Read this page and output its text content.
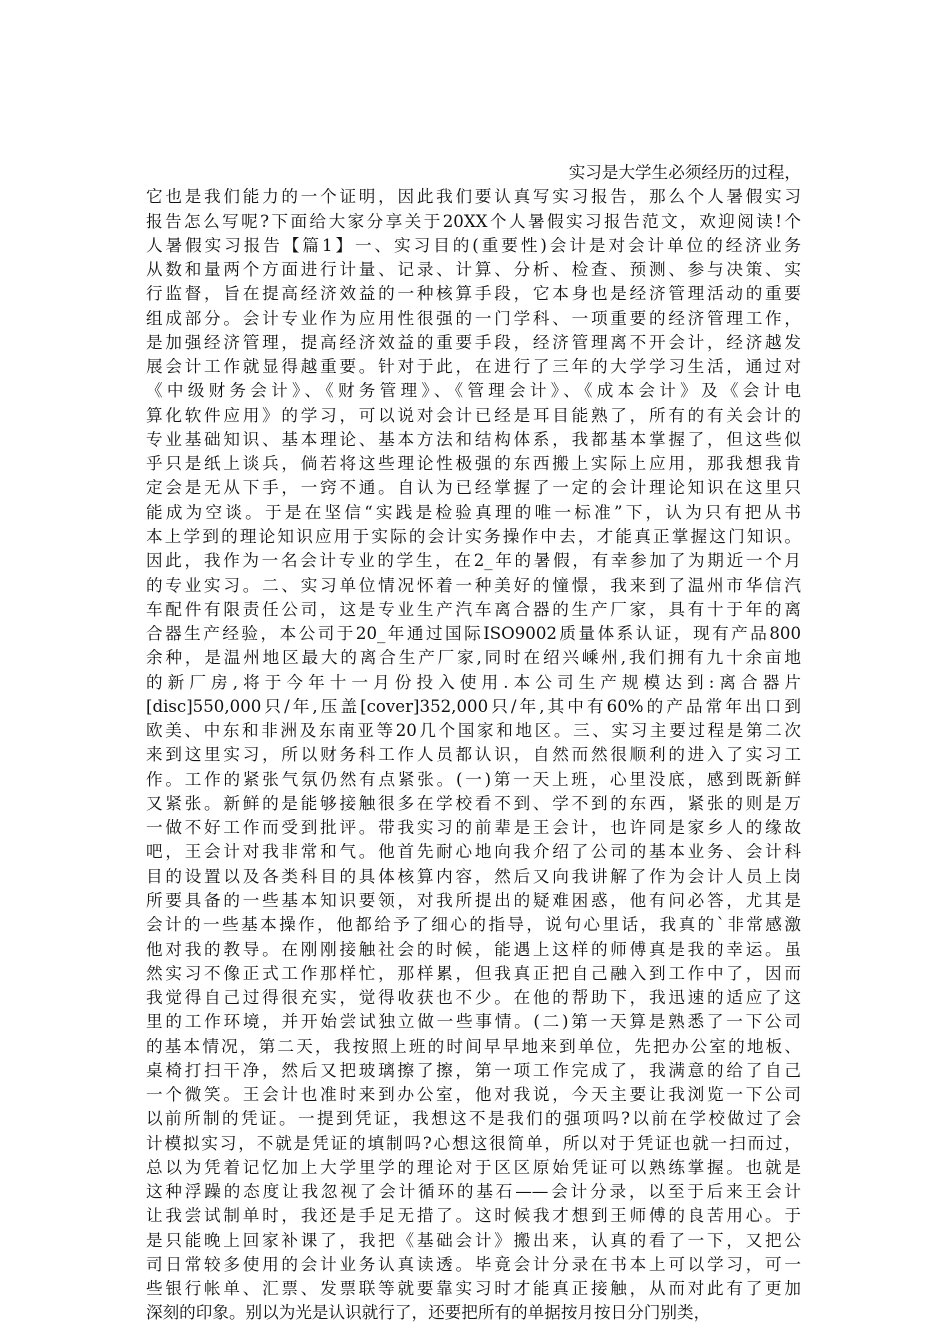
实习是大学生必须经历的过程，
它也是我们能力的一个证明，因此我们要认真写实习报告，那么个人暑假实习
报告怎么写呢?下面给大家分享关于20XX个人暑假实习报告范文，欢迎阅读!个
人暑假实习报告【篇1】一、实习目的(重要性)会计是对会计单位的经济业务
从数和量两个方面进行计量、记录、计算、分析、检查、预测、参与决策、实
行监督，旨在提高经济效益的一种核算手段，它本身也是经济管理活动的重要
组成部分。会计专业作为应用性很强的一门学科、一项重要的经济管理工作，
是加强经济管理，提高经济效益的重要手段，经济管理离不开会计，经济越发
展会计工作就显得越重要。针对于此，在进行了三年的大学学习生活，通过对
《中级财务会计》、《财务管理》、《管理会计》、《成本会计》及《会计电
算化软件应用》的学习，可以说对会计已经是耳目能熟了，所有的有关会计的
专业基础知识、基本理论、基本方法和结构体系，我都基本掌握了，但这些似
乎只是纸上谈兵，倘若将这些理论性极强的东西搬上实际上应用，那我想我肯
定会是无从下手，一窍不通。自认为已经掌握了一定的会计理论知识在这里只
能成为空谈。于是在坚信“实践是检验真理的唯一标准”下，认为只有把从书
本上学到的理论知识应用于实际的会计实务操作中去，才能真正掌握这门知识。
因此，我作为一名会计专业的学生，在2_年的暑假，有幸参加了为期近一个月
的专业实习。二、实习单位情况怀着一种美好的憧憬，我来到了温州市华信汽
车配件有限责任公司，这是专业生产汽车离合器的生产厂家，具有十于年的离
合器生产经验，本公司于20_年通过国际ISO9002质量体系认证，现有产品800
余种，是温州地区最大的离合生产厂家,同时在绍兴嵊州,我们拥有九十余亩地
的新厂房,将于今年十一月份投入使用.本公司生产规模达到:离合器片
[disc]550,000只/年,压盖[cover]352,000只/年,其中有60%的产品常年出口到
欧美、中东和非洲及东南亚等20几个国家和地区。三、实习主要过程是第二次
来到这里实习，所以财务科工作人员都认识，自然而然很顺利的进入了实习工
作。工作的紧张气氛仍然有点紧张。(一)第一天上班，心里没底，感到既新鲜
又紧张。新鲜的是能够接触很多在学校看不到、学不到的东西，紧张的则是万
一做不好工作而受到批评。带我实习的前辈是王会计，也许同是家乡人的缘故
吧，王会计对我非常和气。他首先耐心地向我介绍了公司的基本业务、会计科
目的设置以及各类科目的具体核算内容，然后又向我讲解了作为会计人员上岗
所要具备的一些基本知识要领，对我所提出的疑难困惑，他有问必答，尤其是
会计的一些基本操作，他都给予了细心的指导，说句心里话，我真的`非常感激
他对我的教导。在刚刚接触社会的时候，能遇上这样的师傅真是我的幸运。虽
然实习不像正式工作那样忙，那样累，但我真正把自己融入到工作中了，因而
我觉得自己过得很充实，觉得收获也不少。在他的帮助下，我迅速的适应了这
里的工作环境，并开始尝试独立做一些事情。(二)第一天算是熟悉了一下公司
的基本情况，第二天，我按照上班的时间早早地来到单位，先把办公室的地板、
桌椅打扫干净，然后又把玻璃擦了擦，第一项工作完成了，我满意的给了自己
一个微笑。王会计也准时来到办公室，他对我说，今天主要让我浏览一下公司
以前所制的凭证。一提到凭证，我想这不是我们的强项吗?以前在学校做过了会
计模拟实习，不就是凭证的填制吗?心想这很简单，所以对于凭证也就一扫而过，
总以为凭着记忆加上大学里学的理论对于区区原始凭证可以熟练掌握。也就是
这种浮躁的态度让我忽视了会计循环的基石——会计分录，以至于后来王会计
让我尝试制单时，我还是手足无措了。这时候我才想到王师傅的良苦用心。于
是只能晚上回家补课了，我把《基础会计》搬出来，认真的看了一下，又把公
司日常较多使用的会计业务认真读透。毕竟会计分录在书本上可以学习，可一
些银行帐单、汇票、发票联等就要靠实习时才能真正接触，从而对此有了更加
深刻的印象。别以为光是认识就行了，还要把所有的单据按月按日分门别类，
